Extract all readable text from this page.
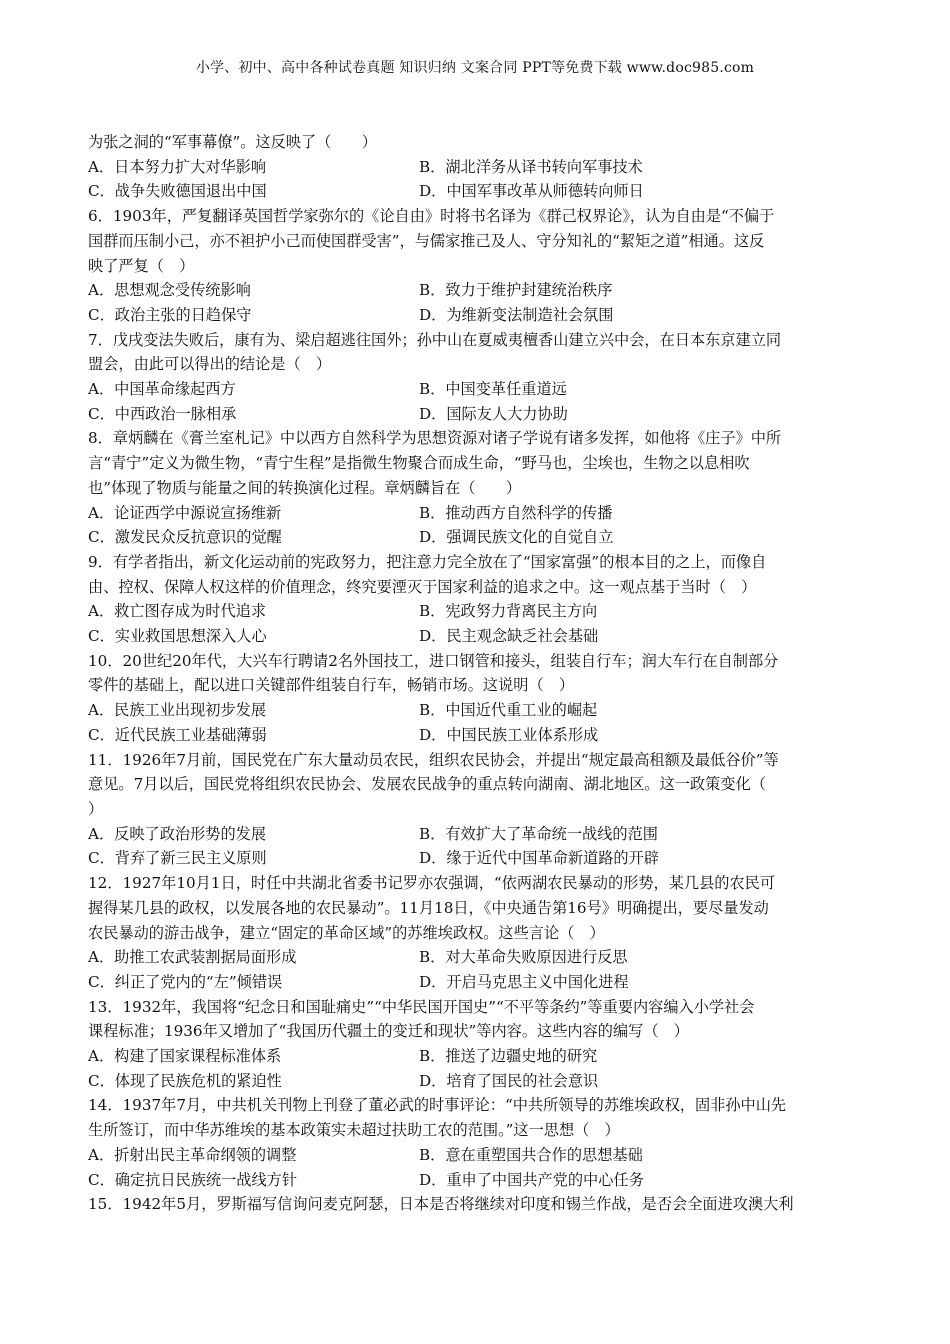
小学、初中、高中各种试卷真题 知识归纳 文案合同 PPT等免费下载 www.doc985.com
为张之洞的“军事幕僚”。这反映了（　　）
A．日本努力扩大对华影响	B．湖北洋务从译书转向军事技术
C．战争失败德国退出中国	D．中国军事改革从师德转向师日
6．1903年，严复翻译英国哲学家弥尔的《论自由》时将书名译为《群己权界论》，认为自由是“不偏于
国群而压制小己，亦不袒护小己而使国群受害”，与儒家推己及人、守分知礼的“絜矩之道”相通。这反
映了严复（　）
A．思想观念受传统影响	B．致力于维护封建统治秩序
C．政治主张的日趋保守	D．为维新变法制造社会氛围
7．戊戌变法失败后，康有为、梁启超逃往国外；孙中山在夏威夷檀香山建立兴中会，在日本东京建立同
盟会，由此可以得出的结论是（　）
A．中国革命缘起西方	B．中国变革任重道远
C．中西政治一脉相承	D．国际友人大力协助
8．章炳麟在《膏兰室札记》中以西方自然科学为思想资源对诸子学说有诸多发挥，如他将《庄子》中所
言“青宁”定义为微生物，“青宁生程”是指微生物聚合而成生命，“野马也，尘埃也，生物之以息相吹
也”体现了物质与能量之间的转换演化过程。章炳麟旨在（　　）
A．论证西学中源说宣扬维新	B．推动西方自然科学的传播
C．激发民众反抗意识的觉醒	D．强调民族文化的自觉自立
9．有学者指出，新文化运动前的宪政努力，把注意力完全放在了“国家富强”的根本目的之上，而像自
由、控权、保障人权这样的价值理念，终究要湮灭于国家利益的追求之中。这一观点基于当时（　）
A．救亡图存成为时代追求	B．宪政努力背离民主方向
C．实业救国思想深入人心	D．民主观念缺乏社会基础
10．20世纪20年代，大兴车行聘请2名外国技工，进口钢管和接头，组装自行车；润大车行在自制部分
零件的基础上，配以进口关键部件组装自行车，畅销市场。这说明（　）
A．民族工业出现初步发展	B．中国近代重工业的崛起
C．近代民族工业基础薄弱	D．中国民族工业体系形成
11．1926年7月前，国民党在广东大量动员农民，组织农民协会，并提出“规定最高租额及最低谷价”等
意见。7月以后，国民党将组织农民协会、发展农民战争的重点转向湖南、湖北地区。这一政策变化（
）
A．反映了政治形势的发展	B．有效扩大了革命统一战线的范围
C．背弃了新三民主义原则	D．缘于近代中国革命新道路的开辟
12．1927年10月1日，时任中共湖北省委书记罗亦农强调，“依两湖农民暴动的形势，某几县的农民可
握得某几县的政权，以发展各地的农民暴动”。11月18日，《中央通告第16号》明确提出，要尽量发动
农民暴动的游击战争，建立“固定的革命区域”的苏维埃政权。这些言论（　）
A．助推工农武装割据局面形成	B．对大革命失败原因进行反思
C．纠正了党内的“左”倾错误	D．开启马克思主义中国化进程
13．1932年，我国将“纪念日和国耻痛史”“中华民国开国史”“不平等条约”等重要内容编入小学社会
课程标准；1936年又增加了“我国历代疆土的变迁和现状”等内容。这些内容的编写（　）
A．构建了国家课程标准体系	B．推送了边疆史地的研究
C．体现了民族危机的紧迫性	D．培育了国民的社会意识
14．1937年7月，中共机关刊物上刊登了董必武的时事评论：“中共所领导的苏维埃政权，固非孙中山先
生所签订，而中华苏维埃的基本政策实未超过扶助工农的范围。”这一思想（　）
A．折射出民主革命纲领的调整	B．意在重塑国共合作的思想基础
C．确定抗日民族统一战线方针	D．重申了中国共产党的中心任务
15．1942年5月，罗斯福写信询问麦克阿瑟，日本是否将继续对印度和锡兰作战，是否会全面进攻澳大利
